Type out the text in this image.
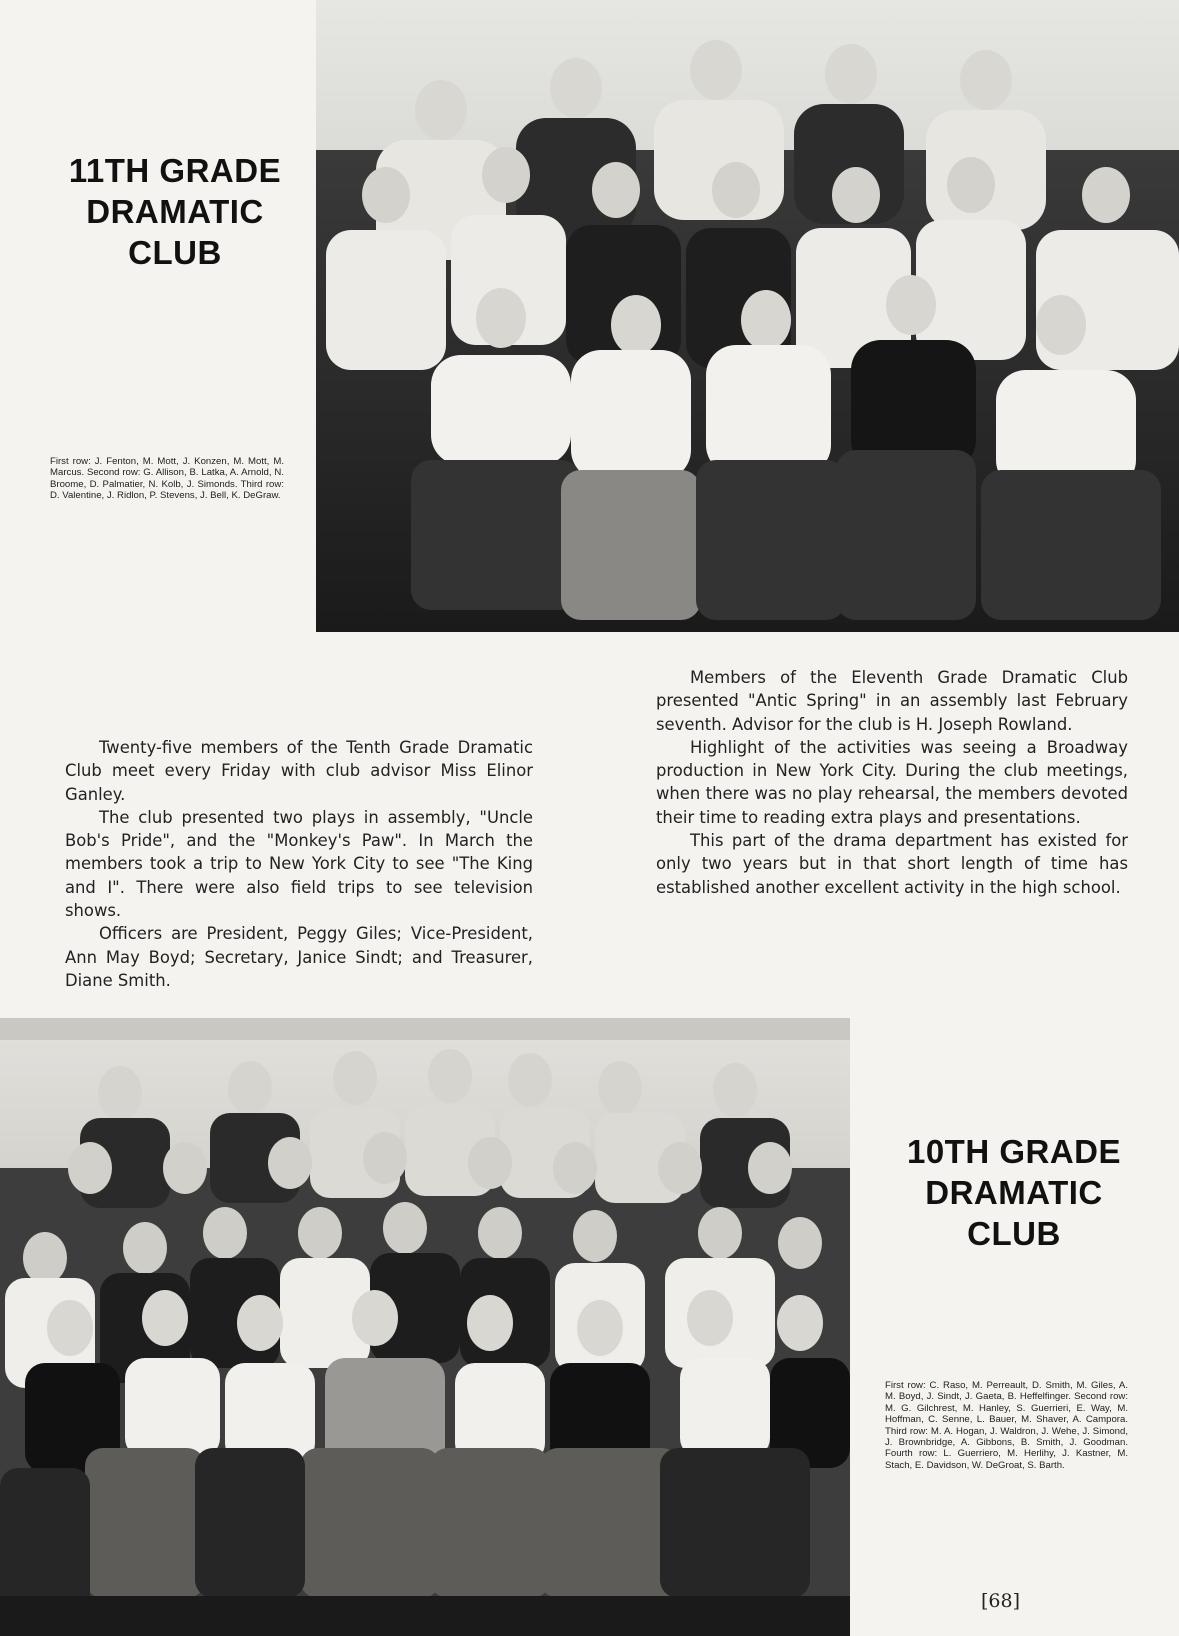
11TH GRADE
DRAMATIC
CLUB
First row: J. Fenton, M. Mott, J. Konzen, M. Mott, M. Marcus. Second row: G. Allison, B. Latka, A. Arnold, N. Broome, D. Palmatier, N. Kolb, J. Simonds. Third row: D. Valentine, J. Ridlon, P. Stevens, J. Bell, K. DeGraw.

Twenty-five members of the Tenth Grade Dramatic Club meet every Friday with club advisor Miss Elinor Ganley.

The club presented two plays in assembly, "Uncle Bob's Pride", and the "Monkey's Paw". In March the members took a trip to New York City to see "The King and I". There were also field trips to see television shows.

Officers are President, Peggy Giles; Vice-President, Ann May Boyd; Secretary, Janice Sindt; and Treasurer, Diane Smith.

Members of the Eleventh Grade Dramatic Club presented "Antic Spring" in an assembly last February seventh. Advisor for the club is H. Joseph Rowland.

Highlight of the activities was seeing a Broadway production in New York City. During the club meetings, when there was no play rehearsal, the members devoted their time to reading extra plays and presentations.

This part of the drama department has existed for only two years but in that short length of time has established another excellent activity in the high school.

10TH GRADE
DRAMATIC
CLUB
First row: C. Raso, M. Perreault, D. Smith, M. Giles, A. M. Boyd, J. Sindt, J. Gaeta, B. Heffelfinger. Second row: M. G. Gilchrest, M. Hanley, S. Guerrieri, E. Way, M. Hoffman, C. Senne, L. Bauer, M. Shaver, A. Campora. Third row: M. A. Hogan, J. Waldron, J. Wehe, J. Simond, J. Brownbridge, A. Gibbons, B. Smith, J. Goodman. Fourth row: L. Guerriero, M. Herlihy, J. Kastner, M. Stach, E. Davidson, W. DeGroat, S. Barth.
[68]
